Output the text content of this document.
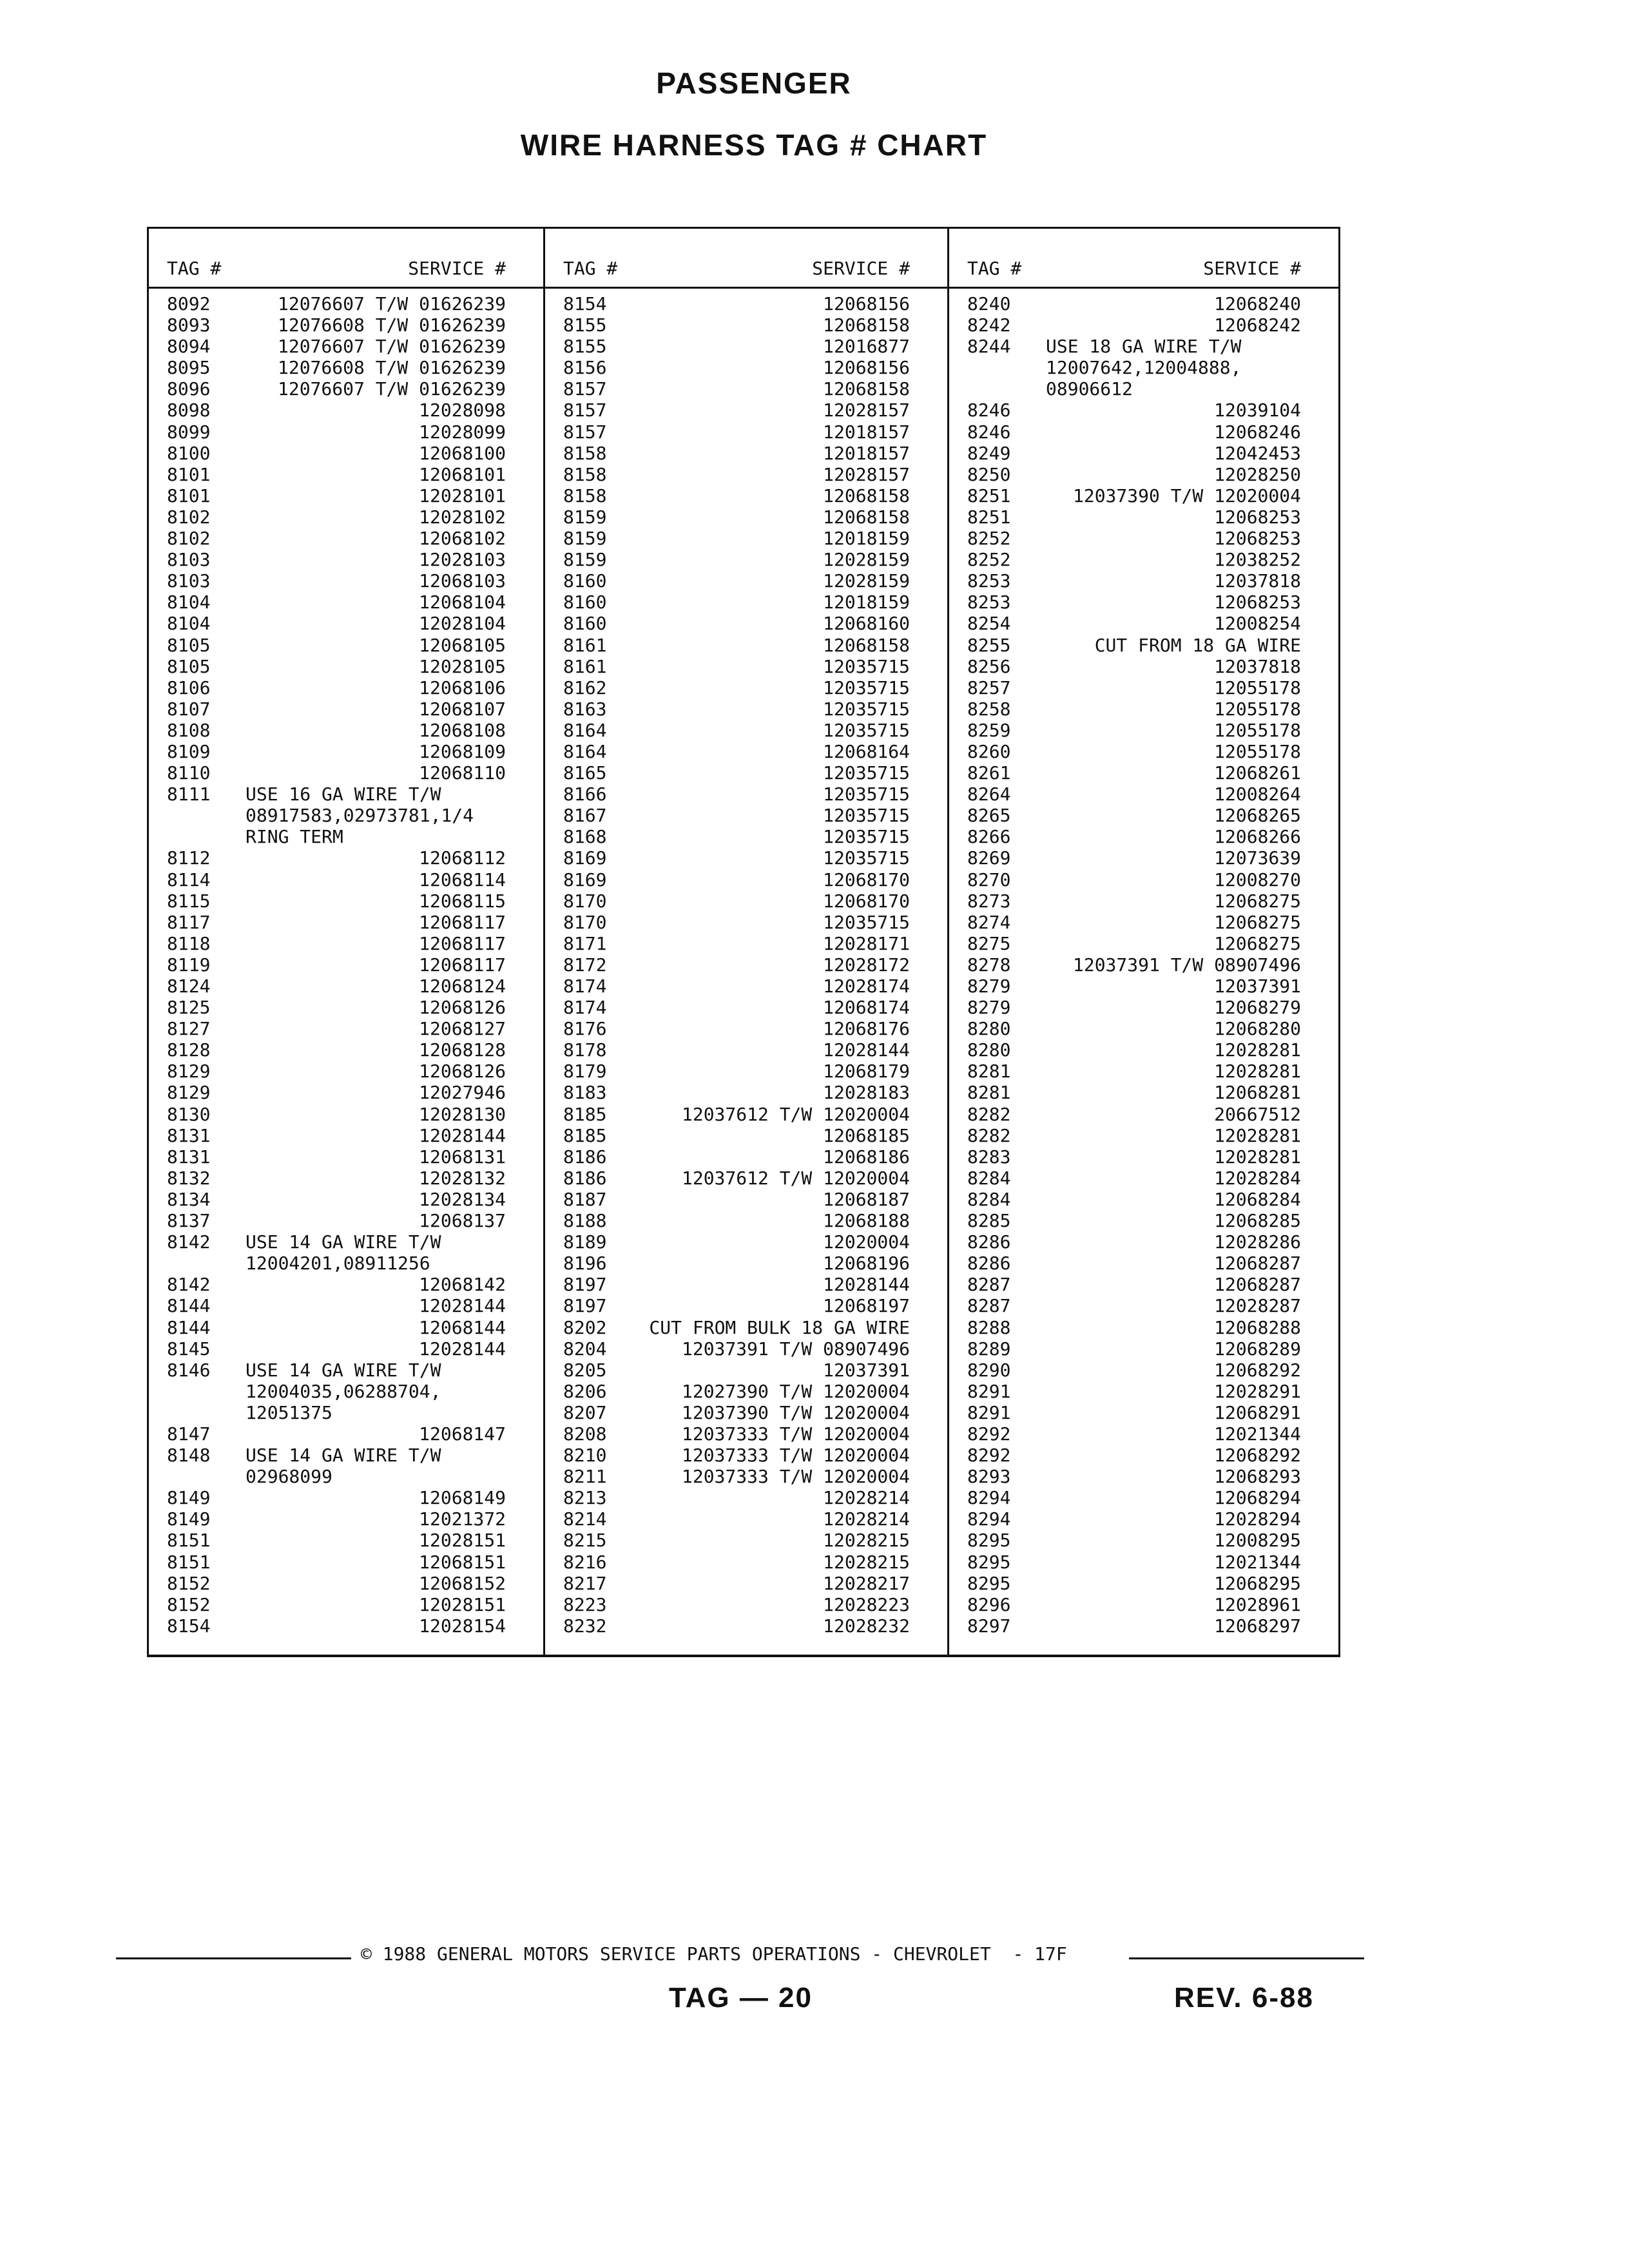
PASSENGER
WIRE HARNESS TAG # CHART
TAG #	SERVICE #
8092	12076607 T/W 01626239
8093	12076608 T/W 01626239
8094	12076607 T/W 01626239
8095	12076608 T/W 01626239
8096	12076607 T/W 01626239
8098	12028098
8099	12028099
8100	12068100
8101	12068101
8101	12028101
8102	12028102
8102	12068102
8103	12028103
8103	12068103
8104	12068104
8104	12028104
8105	12068105
8105	12028105
8106	12068106
8107	12068107
8108	12068108
8109	12068109
8110	12068110
8111 USE 16 GA WIRE T/W
08917583,02973781,1/4
RING TERM
8112	12068112
8114	12068114
8115	12068115
8117	12068117
8118	12068117
8119	12068117
8124	12068124
8125	12068126
8127	12068127
8128	12068128
8129	12068126
8129	12027946
8130	12028130
8131	12028144
8131	12068131
8132	12028132
8134	12028134
8137	12068137
8142 USE 14 GA WIRE T/W
12004201,08911256
8142	12068142
8144	12028144
8144	12068144
8145	12028144
8146 USE 14 GA WIRE T/W
12004035,06288704,
12051375
8147	12068147
8148 USE 14 GA WIRE T/W
02968099
8149	12068149
8149	12021372
8151	12028151
8151	12068151
8152	12068152
8152	12028151
8154	12028154
TAG #	SERVICE #
8154	12068156
8155	12068158
8155	12016877
8156	12068156
8157	12068158
8157	12028157
8157	12018157
8158	12018157
8158	12028157
8158	12068158
8159	12068158
8159	12018159
8159	12028159
8160	12028159
8160	12018159
8160	12068160
8161	12068158
8161	12035715
8162	12035715
8163	12035715
8164	12035715
8164	12068164
8165	12035715
8166	12035715
8167	12035715
8168	12035715
8169	12035715
8169	12068170
8170	12068170
8170	12035715
8171	12028171
8172	12028172
8174	12028174
8174	12068174
8176	12068176
8178	12028144
8179	12068179
8183	12028183
8185	12037612 T/W 12020004
8185	12068185
8186	12068186
8186	12037612 T/W 12020004
8187	12068187
8188	12068188
8189	12020004
8196	12068196
8197	12028144
8197	12068197
8202 CUT FROM BULK 18 GA WIRE
8204	12037391 T/W 08907496
8205	12037391
8206	12027390 T/W 12020004
8207	12037390 T/W 12020004
8208	12037333 T/W 12020004
8210	12037333 T/W 12020004
8211	12037333 T/W 12020004
8213	12028214
8214	12028214
8215	12028215
8216	12028215
8217	12028217
8223	12028223
8232	12028232
TAG #	SERVICE #
8240	12068240
8242	12068242
8244 USE 18 GA WIRE T/W
12007642,12004888,
08906612
8246	12039104
8246	12068246
8249	12042453
8250	12028250
8251	12037390 T/W 12020004
8251	12068253
8252	12068253
8252	12038252
8253	12037818
8253	12068253
8254	12008254
8255	CUT FROM 18 GA WIRE
8256	12037818
8257	12055178
8258	12055178
8259	12055178
8260	12055178
8261	12068261
8264	12008264
8265	12068265
8266	12068266
8269	12073639
8270	12008270
8273	12068275
8274	12068275
8275	12068275
8278	12037391 T/W 08907496
8279	12037391
8279	12068279
8280	12068280
8280	12028281
8281	12028281
8281	12068281
8282	20667512
8282	12028281
8283	12028281
8284	12028284
8284	12068284
8285	12068285
8286	12028286
8286	12068287
8287	12068287
8287	12028287
8288	12068288
8289	12068289
8290	12068292
8291	12028291
8291	12068291
8292	12021344
8292	12068292
8293	12068293
8294	12068294
8294	12028294
8295	12008295
8295	12021344
8295	12068295
8296	12028961
8297	12068297
© 1988 GENERAL MOTORS SERVICE PARTS OPERATIONS - CHEVROLET  - 17F
TAG — 20	REV. 6-88
